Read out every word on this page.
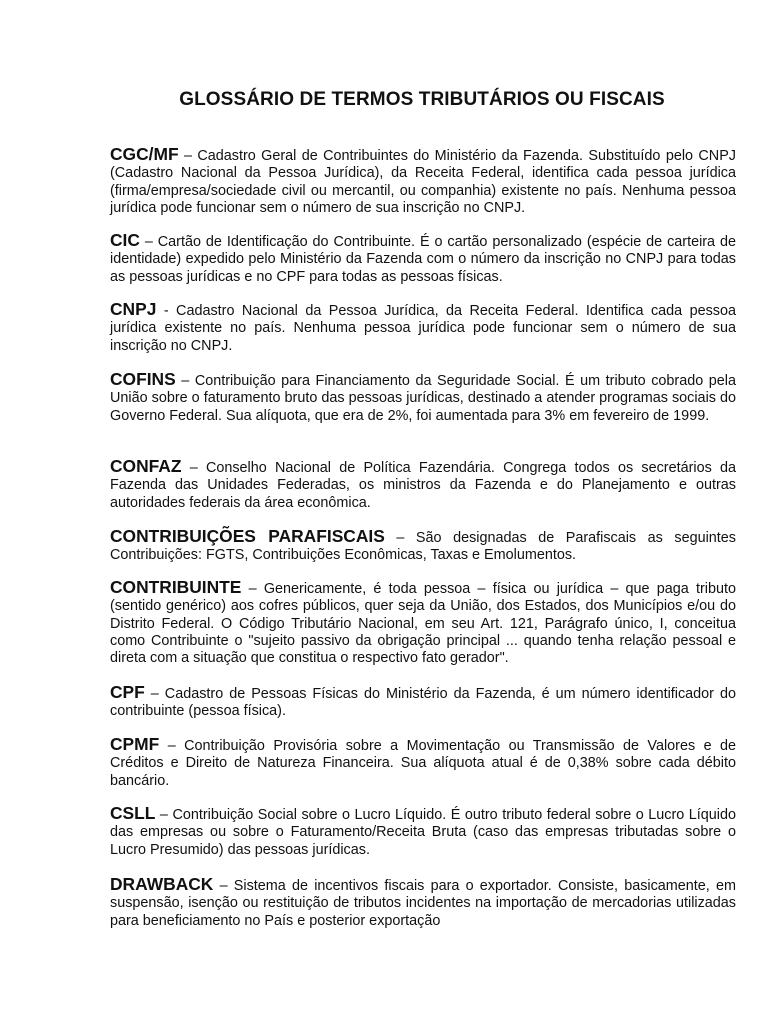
GLOSSÁRIO DE TERMOS TRIBUTÁRIOS OU FISCAIS

CGC/MF – Cadastro Geral de Contribuintes do Ministério da Fazenda. Substituído pelo CNPJ (Cadastro Nacional da Pessoa Jurídica), da Receita Federal, identifica cada pessoa jurídica (firma/empresa/sociedade civil ou mercantil, ou companhia) existente no país. Nenhuma pessoa jurídica pode funcionar sem o número de sua inscrição no CNPJ.

CIC – Cartão de Identificação do Contribuinte. É o cartão personalizado (espécie de carteira de identidade) expedido pelo Ministério da Fazenda com o número da inscrição no CNPJ para todas as pessoas jurídicas e no CPF para todas as pessoas físicas.

CNPJ - Cadastro Nacional da Pessoa Jurídica, da Receita Federal. Identifica cada pessoa jurídica existente no país. Nenhuma pessoa jurídica pode funcionar sem o número de sua inscrição no CNPJ.

COFINS – Contribuição para Financiamento da Seguridade Social. É um tributo cobrado pela União sobre o faturamento bruto das pessoas jurídicas, destinado a atender programas sociais do Governo Federal. Sua alíquota, que era de 2%, foi aumentada para 3% em fevereiro de 1999.

CONFAZ – Conselho Nacional de Política Fazendária. Congrega todos os secretários da Fazenda das Unidades Federadas, os ministros da Fazenda e do Planejamento e outras autoridades federais da área econômica.

CONTRIBUIÇÕES PARAFISCAIS – São designadas de Parafiscais as seguintes Contribuições: FGTS, Contribuições Econômicas, Taxas e Emolumentos.

CONTRIBUINTE – Genericamente, é toda pessoa – física ou jurídica – que paga tributo (sentido genérico) aos cofres públicos, quer seja da União, dos Estados, dos Municípios e/ou do Distrito Federal. O Código Tributário Nacional, em seu Art. 121, Parágrafo único, I, conceitua como Contribuinte o "sujeito passivo da obrigação principal ... quando tenha relação pessoal e direta com a situação que constitua o respectivo fato gerador".

CPF – Cadastro de Pessoas Físicas do Ministério da Fazenda, é um número identificador do contribuinte (pessoa física).

CPMF – Contribuição Provisória sobre a Movimentação ou Transmissão de Valores e de Créditos e Direito de Natureza Financeira. Sua alíquota atual é de 0,38% sobre cada débito bancário.

CSLL – Contribuição Social sobre o Lucro Líquido. É outro tributo federal sobre o Lucro Líquido das empresas ou sobre o Faturamento/Receita Bruta (caso das empresas tributadas sobre o Lucro Presumido) das pessoas jurídicas.

DRAWBACK – Sistema de incentivos fiscais para o exportador. Consiste, basicamente, em suspensão, isenção ou restituição de tributos incidentes na importação de mercadorias utilizadas para beneficiamento no País e posterior exportação
